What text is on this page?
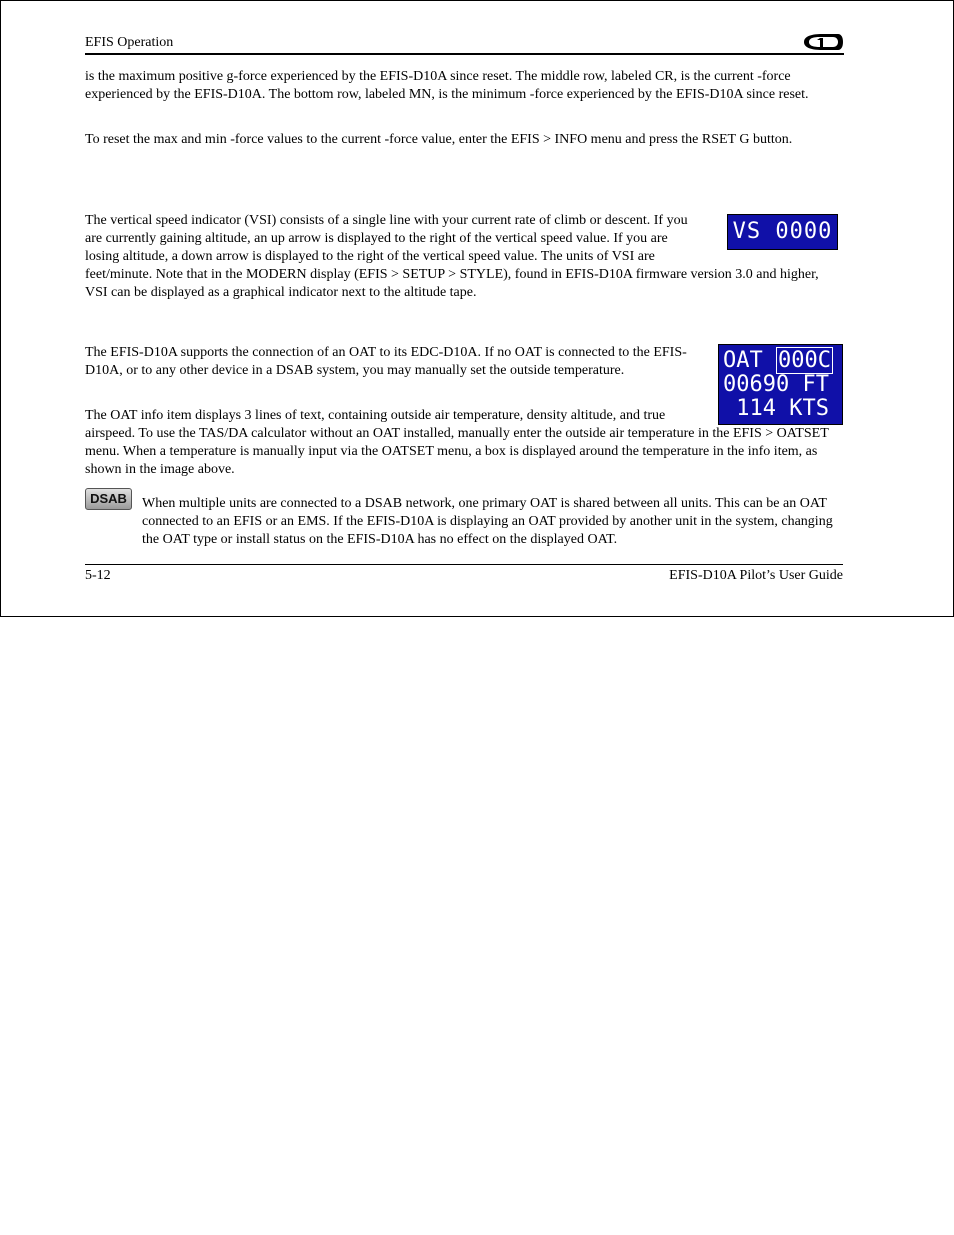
EFIS Operation

is the maximum positive g-force experienced by the EFIS-D10A since reset. The middle row, labeled CR, is the current -force experienced by the EFIS-D10A. The bottom row, labeled MN, is the minimum -force experienced by the EFIS-D10A since reset.

To reset the max and min -force values to the current -force value, enter the EFIS > INFO menu and press the RSET G button.

The vertical speed indicator (VSI) consists of a single line with your current rate of climb or descent. If you are currently gaining altitude, an up arrow is displayed to the right of the vertical speed value. If you are losing altitude, a down arrow is displayed to the right of the vertical speed value. The units of VSI are feet/minute. Note that in the MODERN display (EFIS > SETUP > STYLE), found in EFIS-D10A firmware version 3.0 and higher, VSI can be displayed as a graphical indicator next to the altitude tape.

VS 0000

The EFIS-D10A supports the connection of an OAT to its EDC-D10A. If no OAT is connected to the EFIS-D10A, or to any other device in a DSAB system, you may manually set the outside temperature.

The OAT info item displays 3 lines of text, containing outside air temperature, density altitude, and true airspeed. To use the TAS/DA calculator without an OAT installed, manually enter the outside air temperature in the EFIS > OATSET menu. When a temperature is manually input via the OATSET menu, a box is displayed around the temperature in the info item, as shown in the image above.

OAT 000C
00690 FT
114 KTS
DSAB	When multiple units are connected to a DSAB network, one primary OAT is shared between all units. This can be an OAT connected to an EFIS or an EMS. If the EFIS-D10A is displaying an OAT provided by another unit in the system, changing the OAT type or install status on the EFIS-D10A has no effect on the displayed OAT.

5-12	EFIS-D10A Pilot’s User Guide
